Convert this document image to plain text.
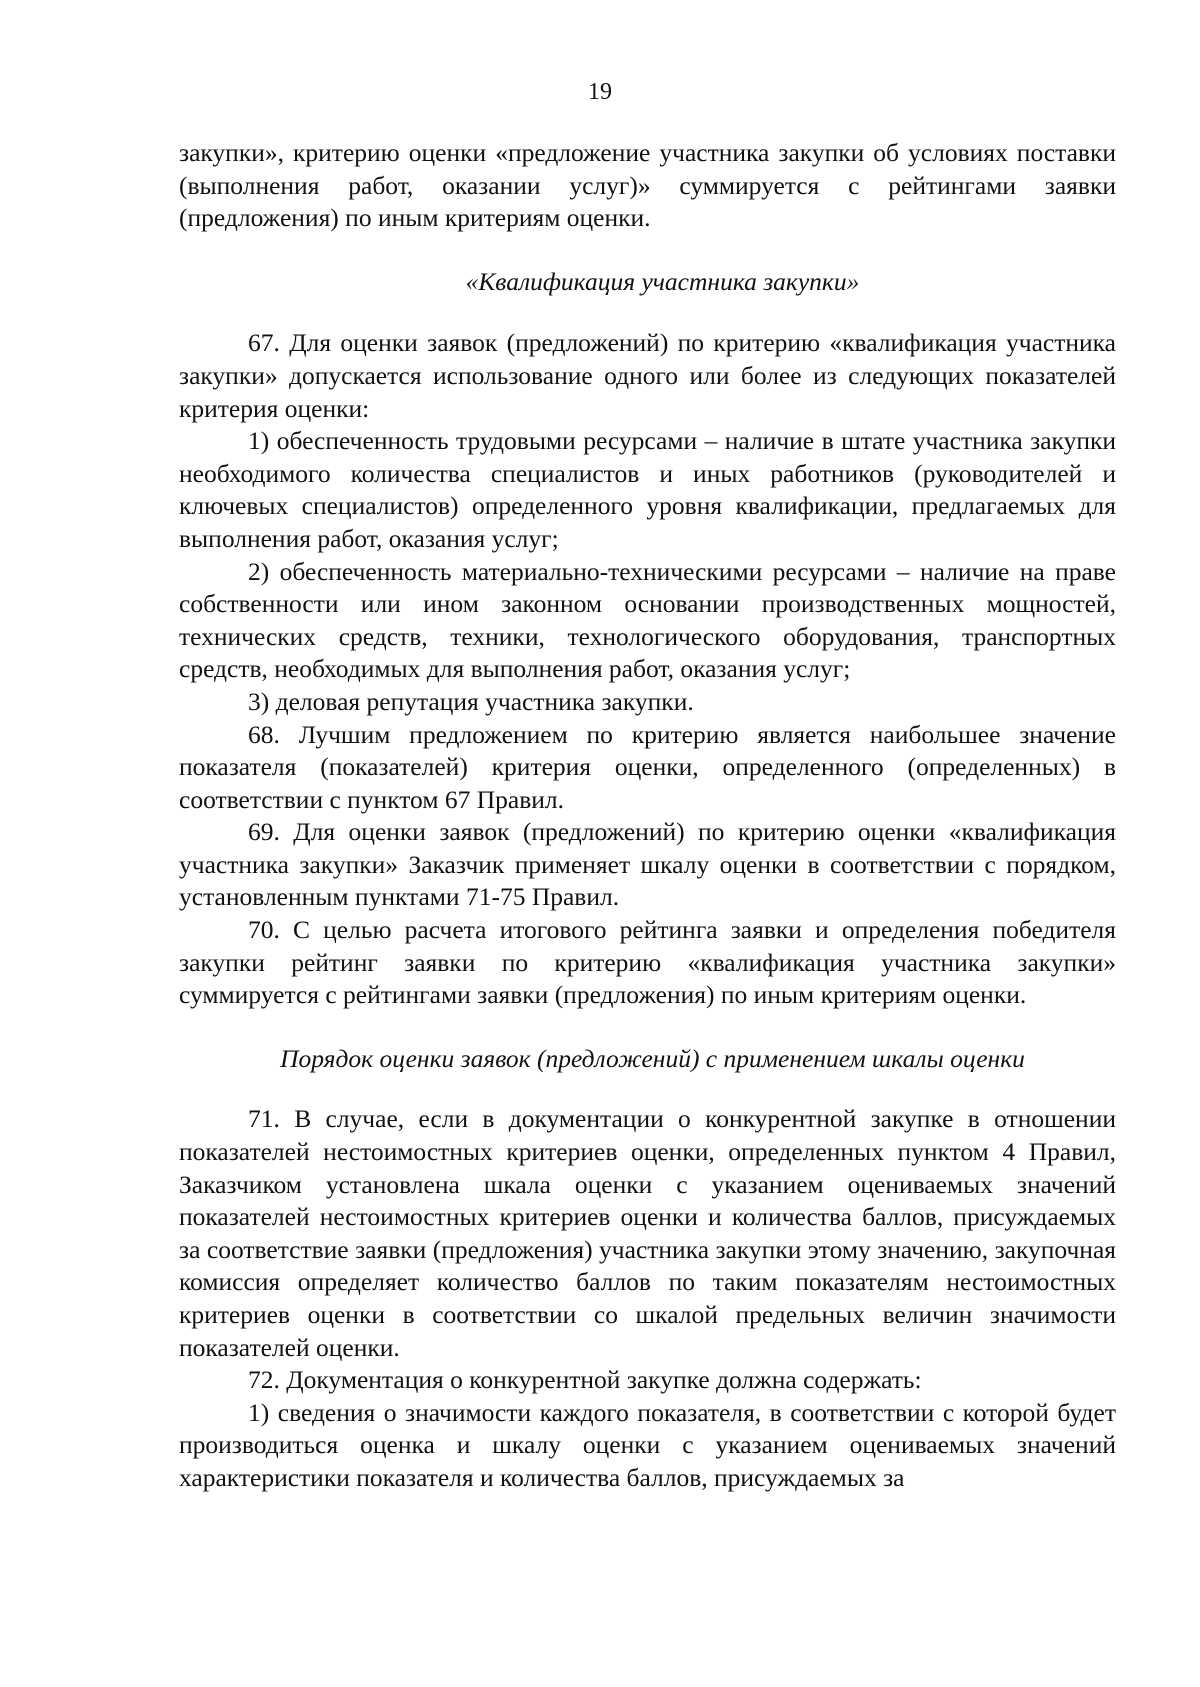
19

закупки», критерию оценки «предложение участника закупки об условиях поставки (выполнения работ, оказании услуг)» суммируется с рейтингами заявки (предложения) по иным критериям оценки.

«Квалификация участника закупки»

67. Для оценки заявок (предложений) по критерию «квалификация участника закупки» допускается использование одного или более из следующих показателей критерия оценки:

1) обеспеченность трудовыми ресурсами – наличие в штате участника закупки необходимого количества специалистов и иных работников (руководителей и ключевых специалистов) определенного уровня квалификации, предлагаемых для выполнения работ, оказания услуг;

2) обеспеченность материально-техническими ресурсами – наличие на праве собственности или ином законном основании производственных мощностей, технических средств, техники, технологического оборудования, транспортных средств, необходимых для выполнения работ, оказания услуг;

3) деловая репутация участника закупки.

68. Лучшим предложением по критерию является наибольшее значение показателя (показателей) критерия оценки, определенного (определенных) в соответствии с пунктом 67 Правил.

69. Для оценки заявок (предложений) по критерию оценки «квалификация участника закупки» Заказчик применяет шкалу оценки в соответствии с порядком, установленным пунктами 71-75 Правил.

70. С целью расчета итогового рейтинга заявки и определения победителя закупки рейтинг заявки по критерию «квалификация участника закупки» суммируется с рейтингами заявки (предложения) по иным критериям оценки.

Порядок оценки заявок (предложений) с применением шкалы оценки

71. В случае, если в документации о конкурентной закупке в отношении показателей нестоимостных критериев оценки, определенных пунктом 4 Правил, Заказчиком установлена шкала оценки с указанием оцениваемых значений показателей нестоимостных критериев оценки и количества баллов, присуждаемых за соответствие заявки (предложения) участника закупки этому значению, закупочная комиссия определяет количество баллов по таким показателям нестоимостных критериев оценки в соответствии со шкалой предельных величин значимости показателей оценки.

72. Документация о конкурентной закупке должна содержать:

1) сведения о значимости каждого показателя, в соответствии с которой будет производиться оценка и шкалу оценки с указанием оцениваемых значений характеристики показателя и количества баллов, присуждаемых за
